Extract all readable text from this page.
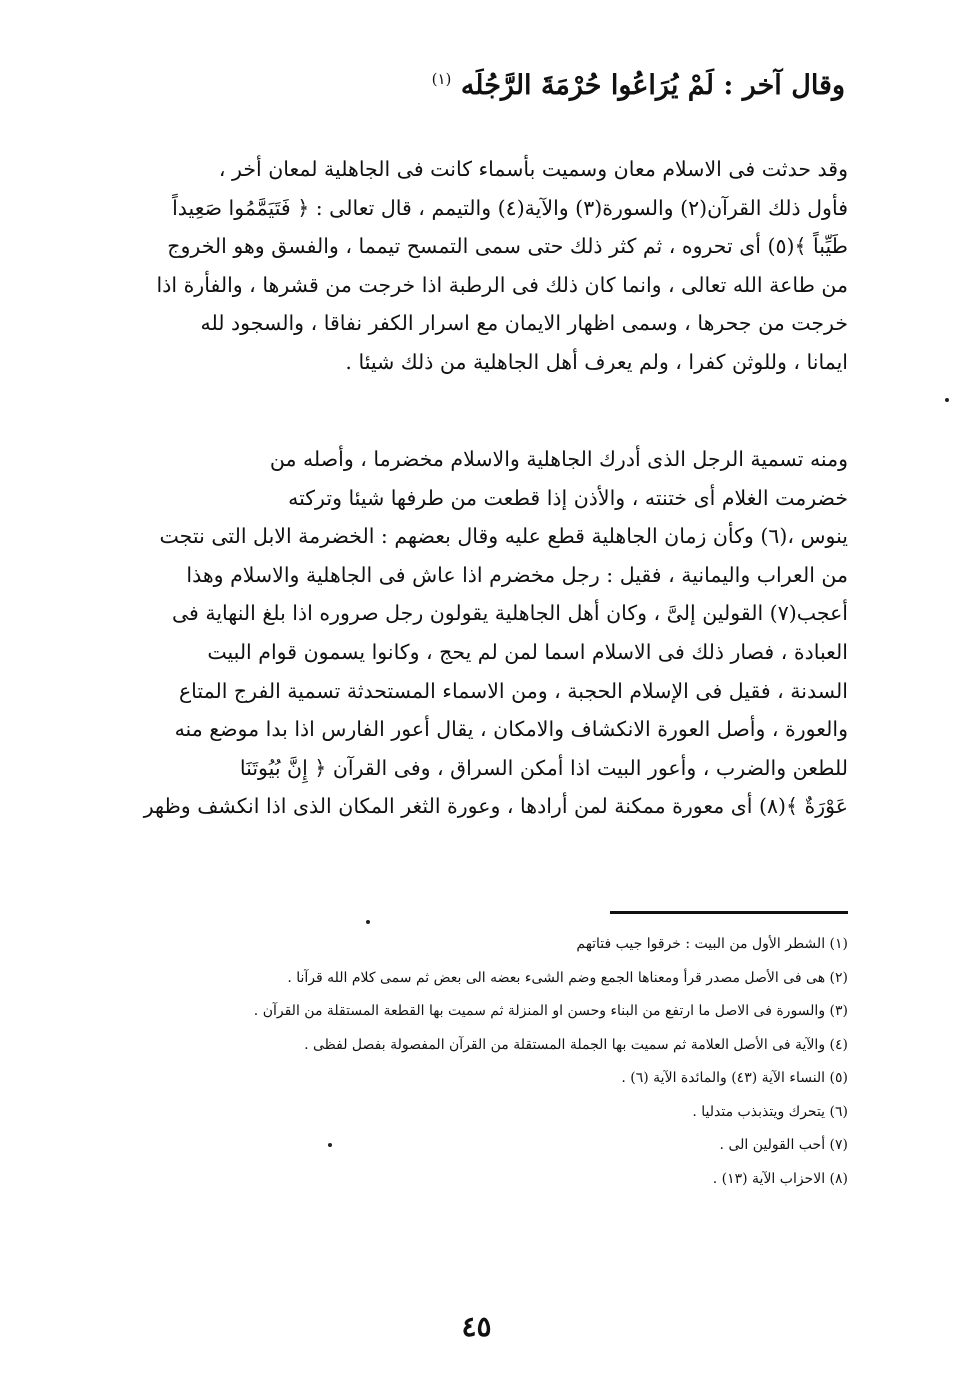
وقال آخر : لَمْ يُرَاعُوا حُرْمَةَ الرَّجُلَه $^{(١)}$
وقد حدثت فى الاسلام معان وسميت بأسماء كانت فى الجاهلية لمعان أخر ،
فأول ذلك القرآن(٢) والسورة(٣) والآية(٤) والتيمم ، قال تعالى : ﴿ فَتَيَمَّمُوا صَعِيداً
طَيِّباً ﴾(٥) أى تحروه ، ثم كثر ذلك حتى سمى التمسح تيمما ، والفسق وهو الخروج
من طاعة الله تعالى ، وانما كان ذلك فى الرطبة اذا خرجت من قشرها ، والفأرة اذا
خرجت من جحرها ، وسمى اظهار الايمان مع اسرار الكفر نفاقا ، والسجود لله
ايمانا ، وللوثن كفرا ، ولم يعرف أهل الجاهلية من ذلك شيئا .
ومنه تسمية الرجل الذى أدرك الجاهلية والاسلام مخضرما ، وأصله من
خضرمت الغلام أى ختنته ، والأذن إذا قطعت من طرفها شيئا وتركته
ينوس ،(٦) وكأن زمان الجاهلية قطع عليه وقال بعضهم : الخضرمة الابل التى نتجت
من العراب واليمانية ، فقيل : رجل مخضرم اذا عاش فى الجاهلية والاسلام وهذا
أعجب(٧) القولين إلىَّ ، وكان أهل الجاهلية يقولون رجل صروره اذا بلغ النهاية فى
العبادة ، فصار ذلك فى الاسلام اسما لمن لم يحج ، وكانوا يسمون قوام البيت
السدنة ، فقيل فى الإسلام الحجبة ، ومن الاسماء المستحدثة تسمية الفرج المتاع
والعورة ، وأصل العورة الانكشاف والامكان ، يقال أعور الفارس اذا بدا موضع منه
للطعن والضرب ، وأعور البيت اذا أمكن السراق ، وفى القرآن ﴿ إِنَّ بُيُوتَنَا
عَوْرَةٌ ﴾(٨) أى معورة ممكنة لمن أرادها ، وعورة الثغر المكان الذى اذا انكشف وظهر
(١) الشطر الأول من البيت : خرقوا جيب فتاتهم
(٢) هى فى الأصل مصدر قرأ ومعناها الجمع وضم الشىء بعضه الى بعض ثم سمى كلام الله قرآنا .
(٣) والسورة فى الاصل ما ارتفع من البناء وحسن او المنزلة ثم سميت بها القطعة المستقلة من القرآن .
(٤) والآية فى الأصل العلامة ثم سميت بها الجملة المستقلة من القرآن المفصولة بفصل لفظى .
(٥) النساء الآية (٤٣) والمائدة الآية (٦) .
(٦) يتحرك ويتذبذب متدليا .
(٧) أحب القولين الى .
(٨) الاحزاب الآية (١٣) .
٤٥
